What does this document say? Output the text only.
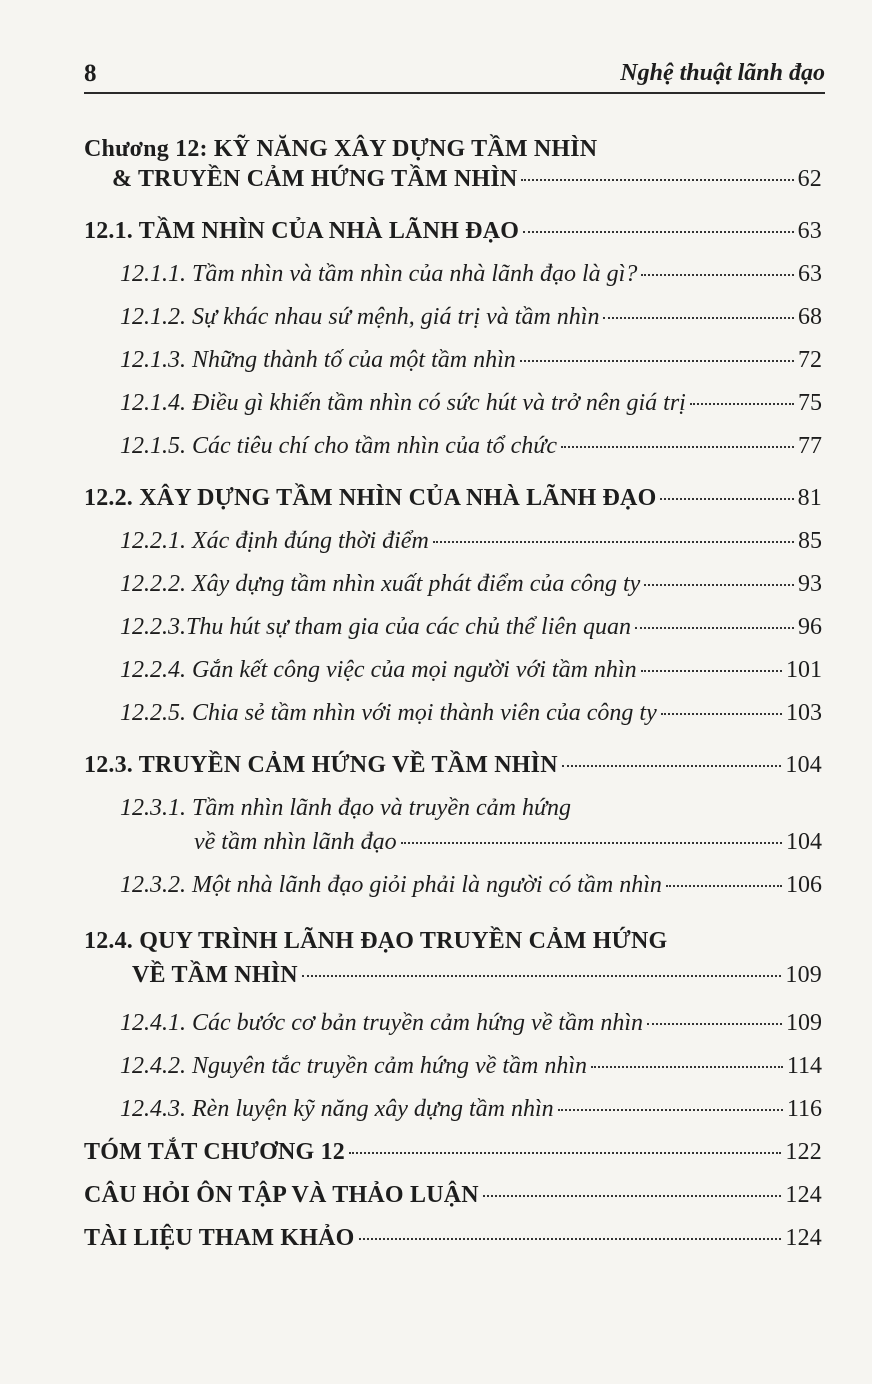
8	Nghệ thuật lãnh đạo
Chương 12: KỸ NĂNG XÂY DỰNG TẦM NHÌN
& TRUYỀN CẢM HỨNG TẦM NHÌN	62
12.1. TẦM NHÌN CỦA NHÀ LÃNH ĐẠO	63
12.1.1. Tầm nhìn và tầm nhìn của nhà lãnh đạo là gì?	63
12.1.2. Sự khác nhau sứ mệnh, giá trị và tầm nhìn	68
12.1.3. Những thành tố của một tầm nhìn	72
12.1.4. Điều gì khiến tầm nhìn có sức hút và trở nên giá trị	75
12.1.5. Các tiêu chí cho tầm nhìn của tổ chức	77
12.2. XÂY DỰNG TẦM NHÌN CỦA NHÀ LÃNH ĐẠO	81
12.2.1. Xác định đúng thời điểm	85
12.2.2. Xây dựng tầm nhìn xuất phát điểm của công ty	93
12.2.3.Thu hút sự tham gia của các chủ thể liên quan	96
12.2.4. Gắn kết công việc của mọi người với tầm nhìn	101
12.2.5. Chia sẻ tầm nhìn với mọi thành viên của công ty	103
12.3. TRUYỀN CẢM HỨNG VỀ TẦM NHÌN	104
12.3.1. Tầm nhìn lãnh đạo và truyền cảm hứng
về tầm nhìn lãnh đạo	104
12.3.2. Một nhà lãnh đạo giỏi phải là người có tầm nhìn	106
12.4. QUY TRÌNH LÃNH ĐẠO TRUYỀN CẢM HỨNG
VỀ TẦM NHÌN	109
12.4.1. Các bước cơ bản truyền cảm hứng về tầm nhìn	109
12.4.2. Nguyên tắc truyền cảm hứng về tầm nhìn	114
12.4.3. Rèn luyện kỹ năng xây dựng tầm nhìn	116
TÓM TẮT CHƯƠNG 12	122
CÂU HỎI ÔN TẬP VÀ THẢO LUẬN	124
TÀI LIỆU THAM KHẢO	124
